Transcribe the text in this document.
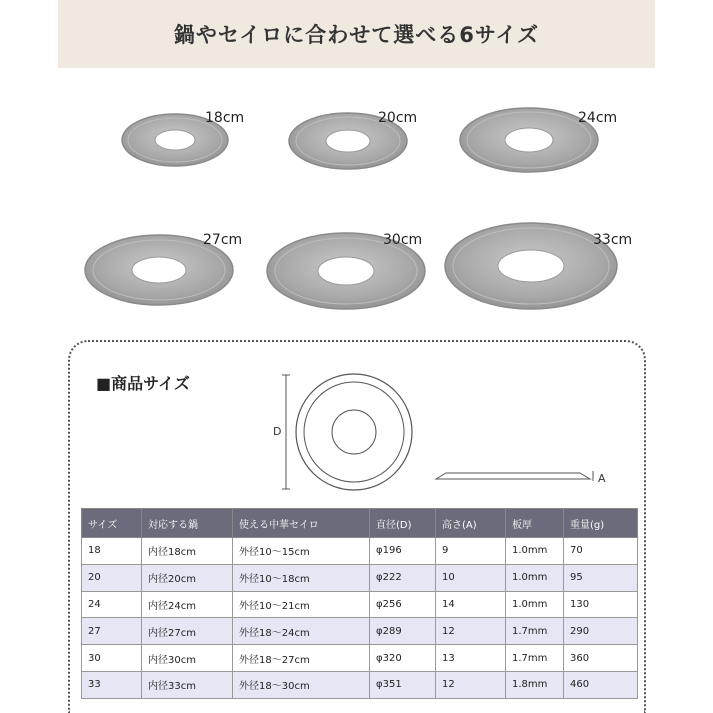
鍋やセイロに合わせて選べる6サイズ
18cm	20cm	24cm
27cm	30cm	33cm
■商品サイズ
D
A
サイズ	対応する鍋	使える中華セイロ	直径(D)	高さ(A)	板厚	重量(g)
18	内径18cm	外径10～15cm	φ196	9	1.0mm	70
20	内径20cm	外径10～18cm	φ222	10	1.0mm	95
24	内径24cm	外径10～21cm	φ256	14	1.0mm	130
27	内径27cm	外径18～24cm	φ289	12	1.7mm	290
30	内径30cm	外径18～27cm	φ320	13	1.7mm	360
33	内径33cm	外径18～30cm	φ351	12	1.8mm	460
